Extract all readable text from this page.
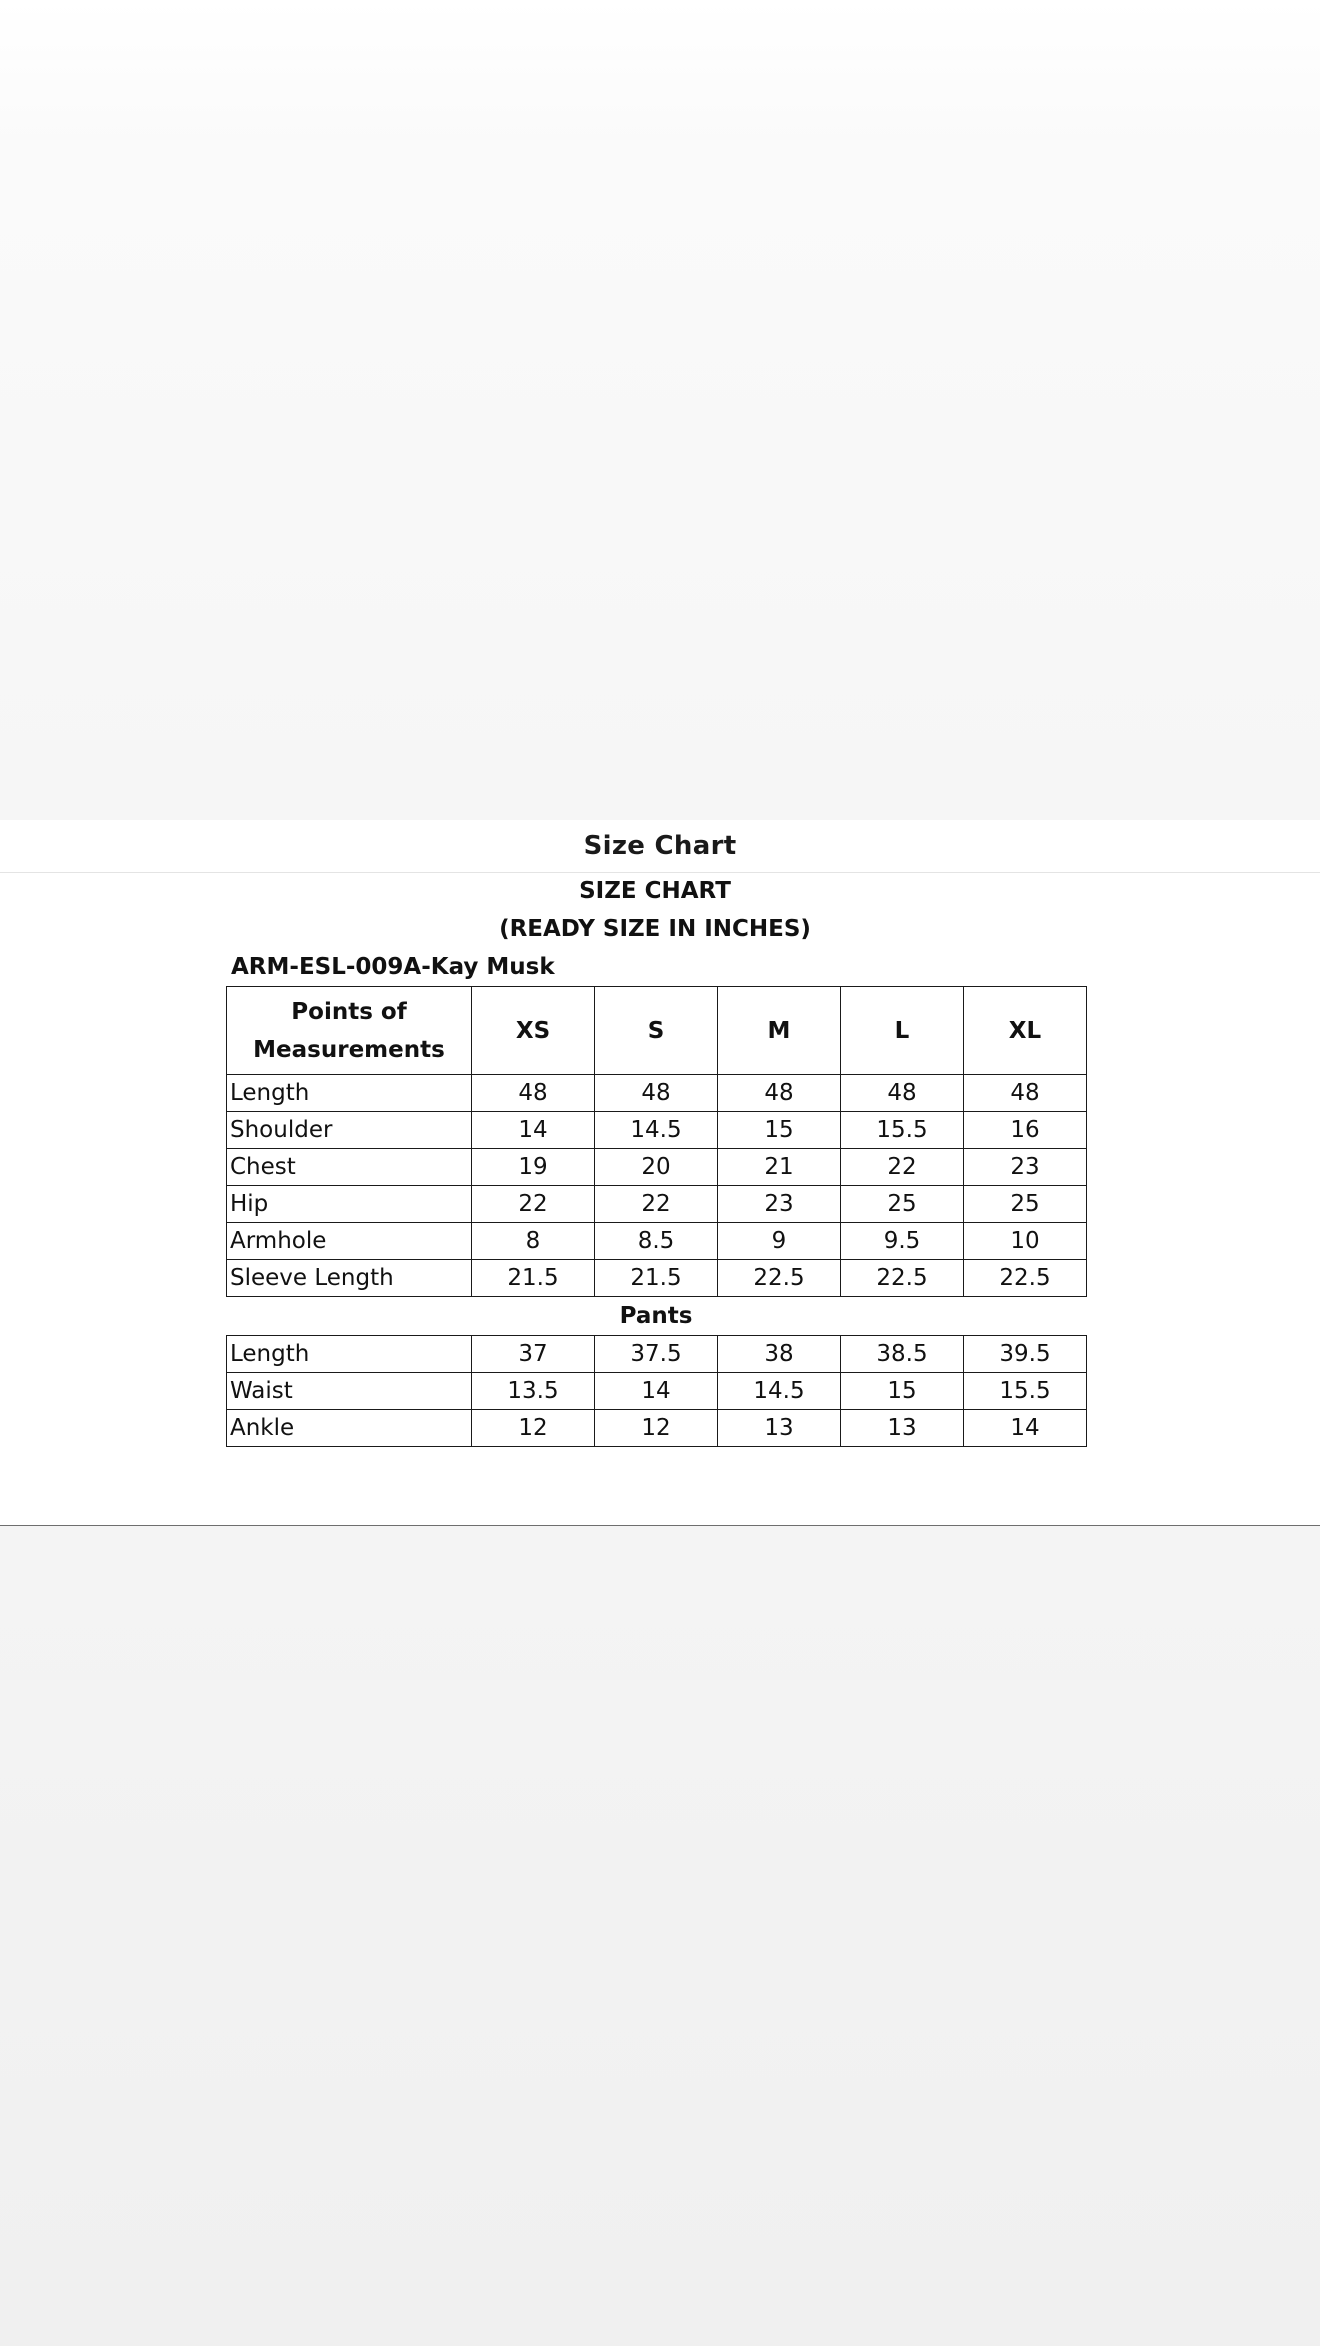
Size Chart
SIZE CHART
(READY SIZE IN INCHES)
ARM-ESL-009A-Kay Musk
Points of
Measurements	XS	S	M	L	XL
Length	48	48	48	48	48
Shoulder	14	14.5	15	15.5	16
Chest	19	20	21	22	23
Hip	22	22	23	25	25
Armhole	8	8.5	9	9.5	10
Sleeve Length	21.5	21.5	22.5	22.5	22.5
Pants
Length	37	37.5	38	38.5	39.5
Waist	13.5	14	14.5	15	15.5
Ankle	12	12	13	13	14
